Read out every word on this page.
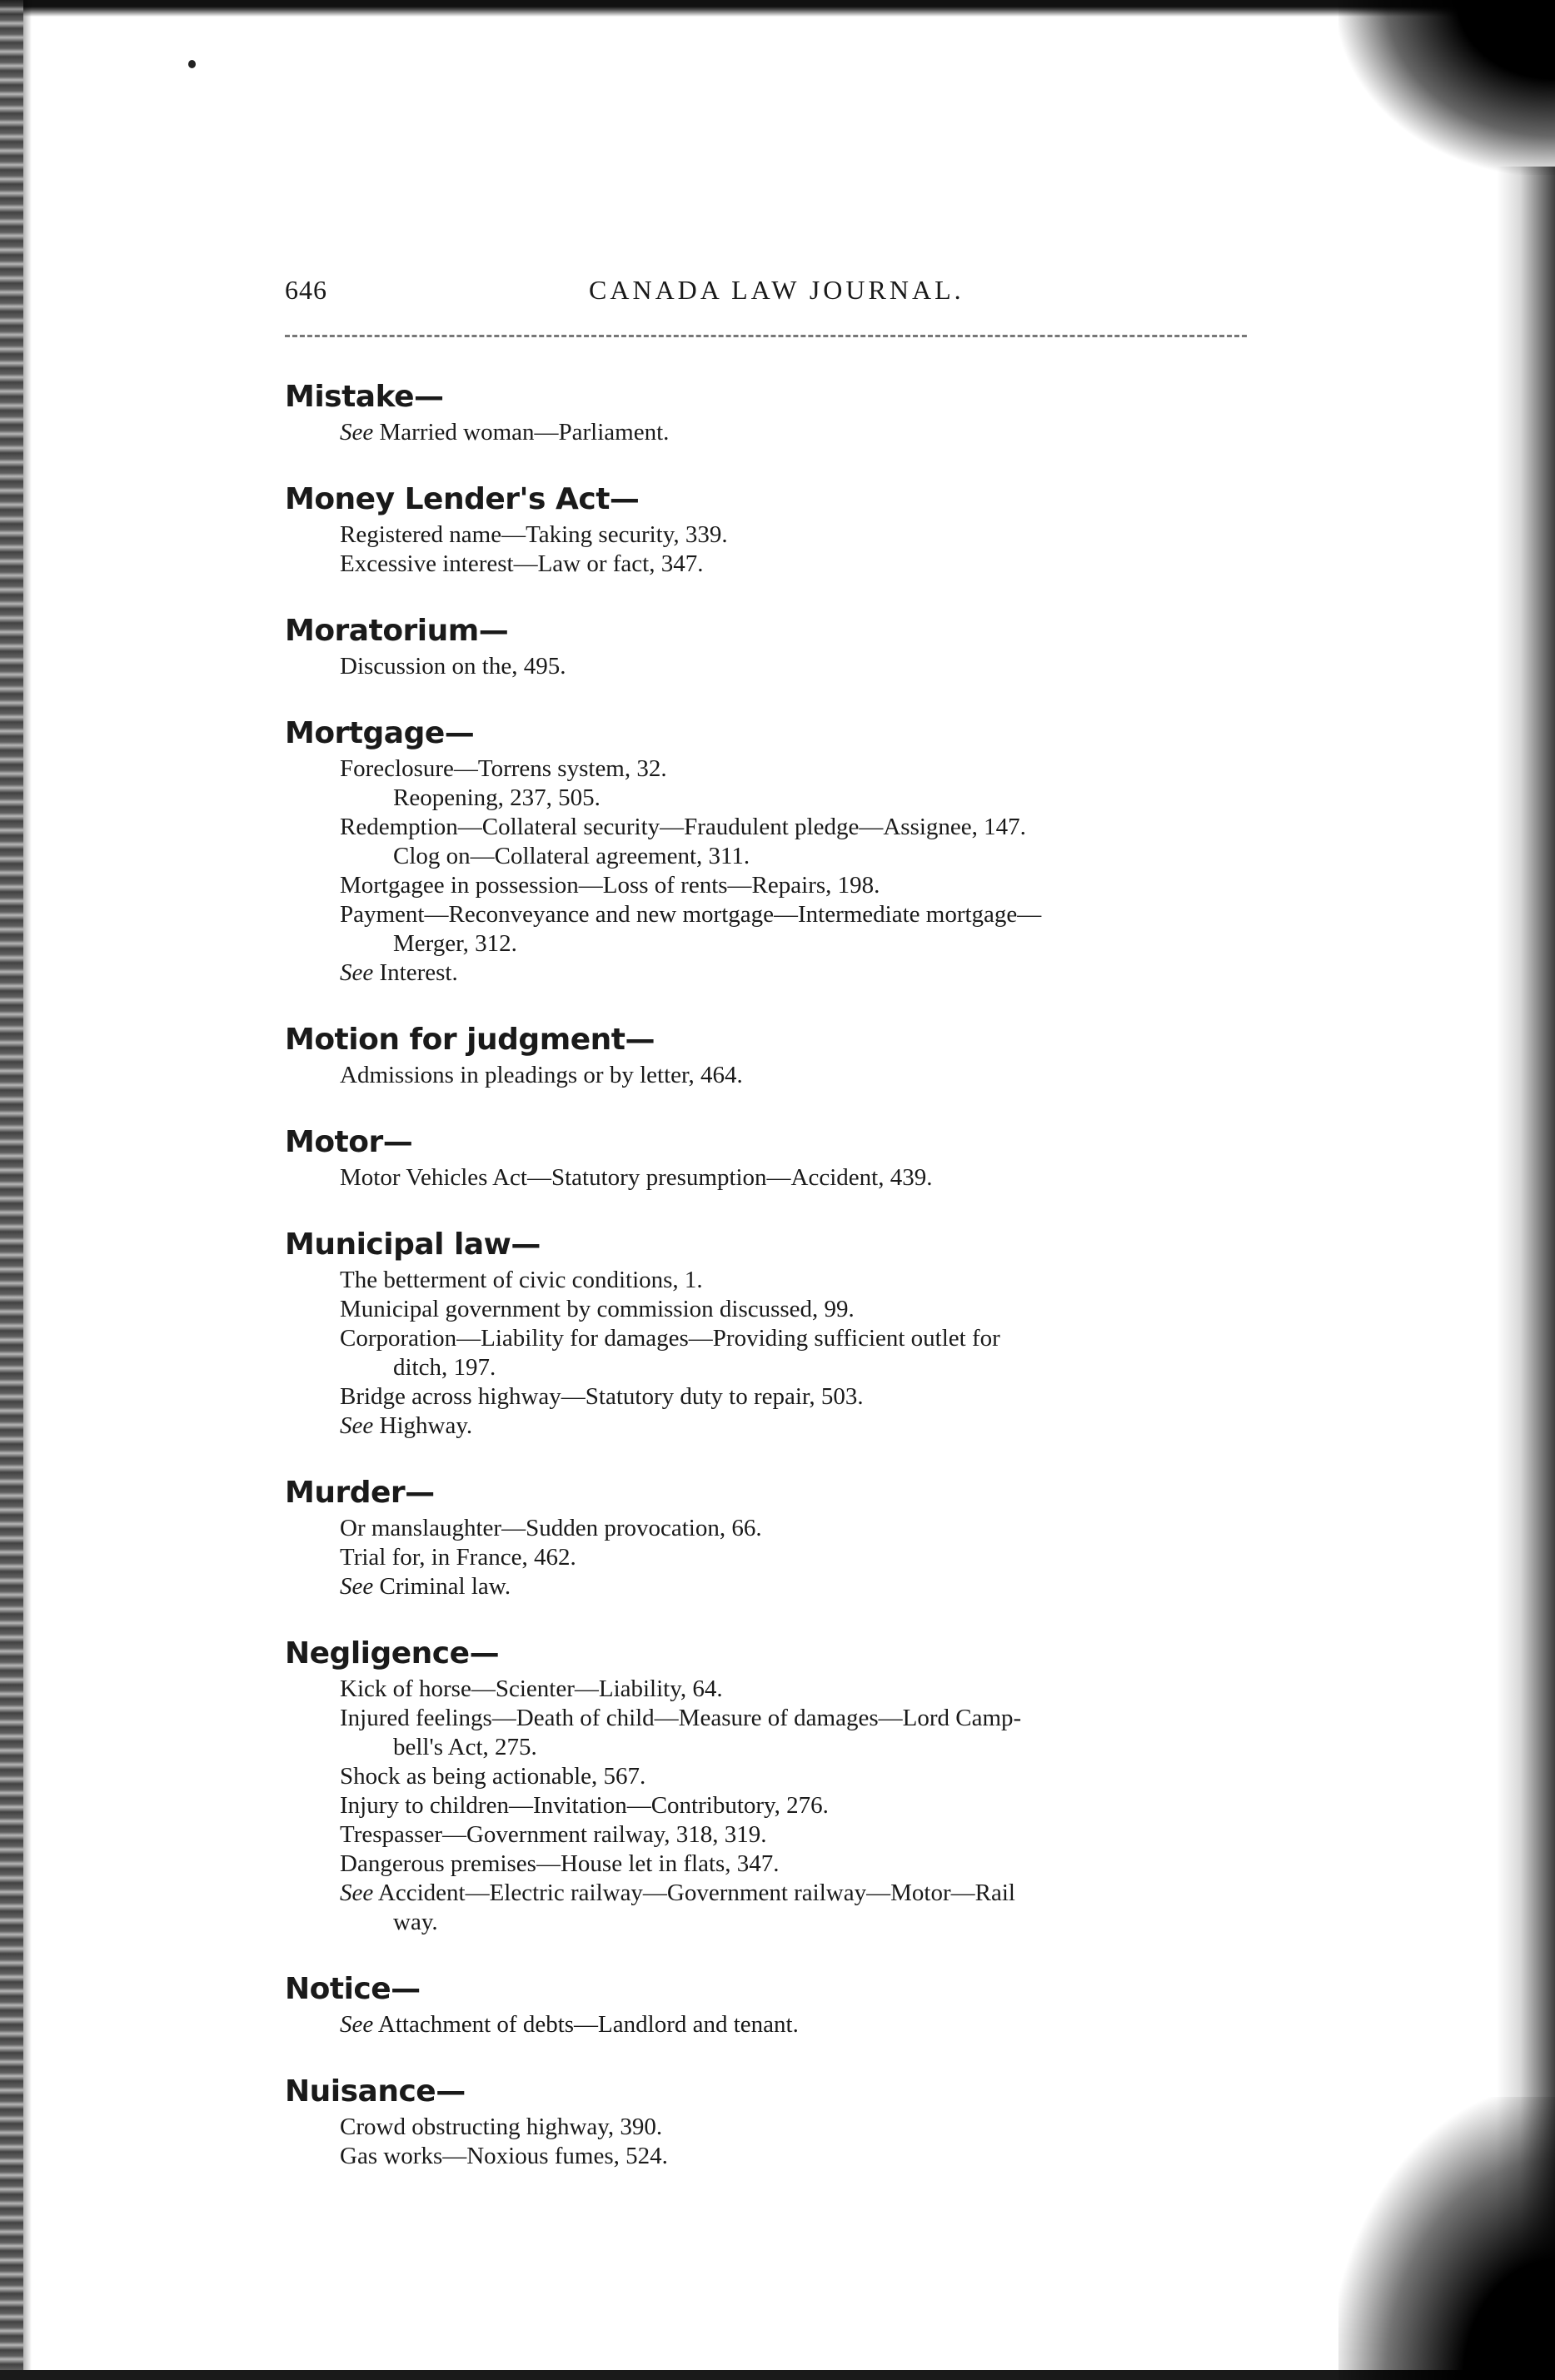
646	CANADA LAW JOURNAL.
Mistake—
See Married woman—Parliament.
Money Lender's Act—
Registered name—Taking security, 339.
Excessive interest—Law or fact, 347.
Moratorium—
Discussion on the, 495.
Mortgage—
Foreclosure—Torrens system, 32.
Reopening, 237, 505.
Redemption—Collateral security—Fraudulent pledge—Assignee, 147.
Clog on—Collateral agreement, 311.
Mortgagee in possession—Loss of rents—Repairs, 198.
Payment—Reconveyance and new mortgage—Intermediate mortgage—
Merger, 312.
See Interest.
Motion for judgment—
Admissions in pleadings or by letter, 464.
Motor—
Motor Vehicles Act—Statutory presumption—Accident, 439.
Municipal law—
The betterment of civic conditions, 1.
Municipal government by commission discussed, 99.
Corporation—Liability for damages—Providing sufficient outlet for
ditch, 197.
Bridge across highway—Statutory duty to repair, 503.
See Highway.
Murder—
Or manslaughter—Sudden provocation, 66.
Trial for, in France, 462.
See Criminal law.
Negligence—
Kick of horse—Scienter—Liability, 64.
Injured feelings—Death of child—Measure of damages—Lord Camp-
bell's Act, 275.
Shock as being actionable, 567.
Injury to children—Invitation—Contributory, 276.
Trespasser—Government railway, 318, 319.
Dangerous premises—House let in flats, 347.
See Accident—Electric railway—Government railway—Motor—Rail
way.
Notice—
See Attachment of debts—Landlord and tenant.
Nuisance—
Crowd obstructing highway, 390.
Gas works—Noxious fumes, 524.
